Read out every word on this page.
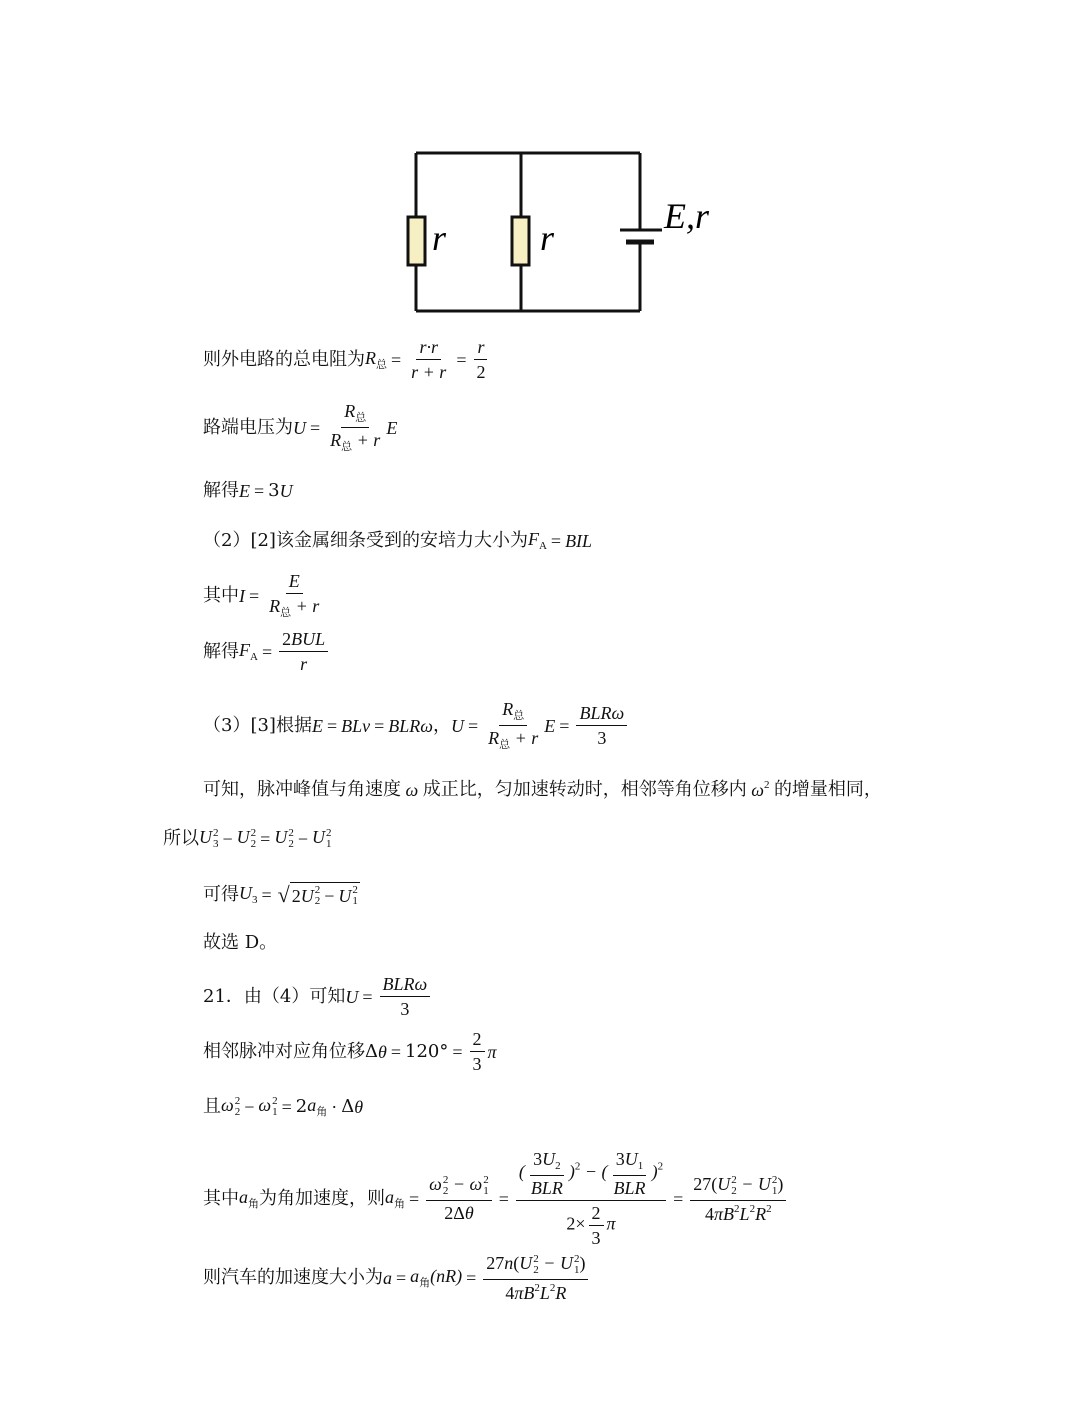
r	r
E,r
则外电路的总电阻为 $R_总 = \frac{r\cdot r}{r + r} = \frac{r}{2}$
路端电压为 $U = \frac{R_总}{R_总 + r}$ E
解得 E = 3 U
（2）[2]该金属细条受到的安培力大小为 $F_A$ = BIL
其中 $I = \frac{E}{R_总 + r}$
解得 $F_A = \frac{\text{2BUL}}{r}$
（3）[3]根据 E = BLv = BLRω ， $U = \frac{R_总}{R_总 + r}$ $E = \frac{\text{BLRω}}{3}$
可知，脉冲峰值与角速度 ω 成正比，匀加速转动时，相邻等角位移内 $\omega^2$ 的增量相同，
所以 U 2
3 − U 2
2 = U 2
2 − U 2
1
可得 $U_3$ = √ 2 U 2
2 − U 2
1
故选 D。
21．由（4）可知 $U = \frac{\text{BLRω}}{3}$
相邻脉冲对应角位移 Δ $\theta = 120^\circ = \frac{2}{3}$ π
且 ω 2
2 − ω 2
1 = 2 $a_角 \cdot \Delta$ θ
其中 $a_角$ 为角加速度，则 $a_角 = \omega$ 2
2 − ω 2
1
$2\Delta\theta = \frac{( \frac{3U_2}{\text{BLR}} )^2 - ( \frac{3U_1}{\text{BLR}} )^2}{2\times \frac{2}{3} \pi} = 27(U$ 2
2 − U 2
1 )
$4\pi B^2L^2R^2$
则汽车的加速度大小为 $a = a_角(nR) = 27n(U$ 2
2 − U 2
1 )
$4\pi B^2L^2R$
